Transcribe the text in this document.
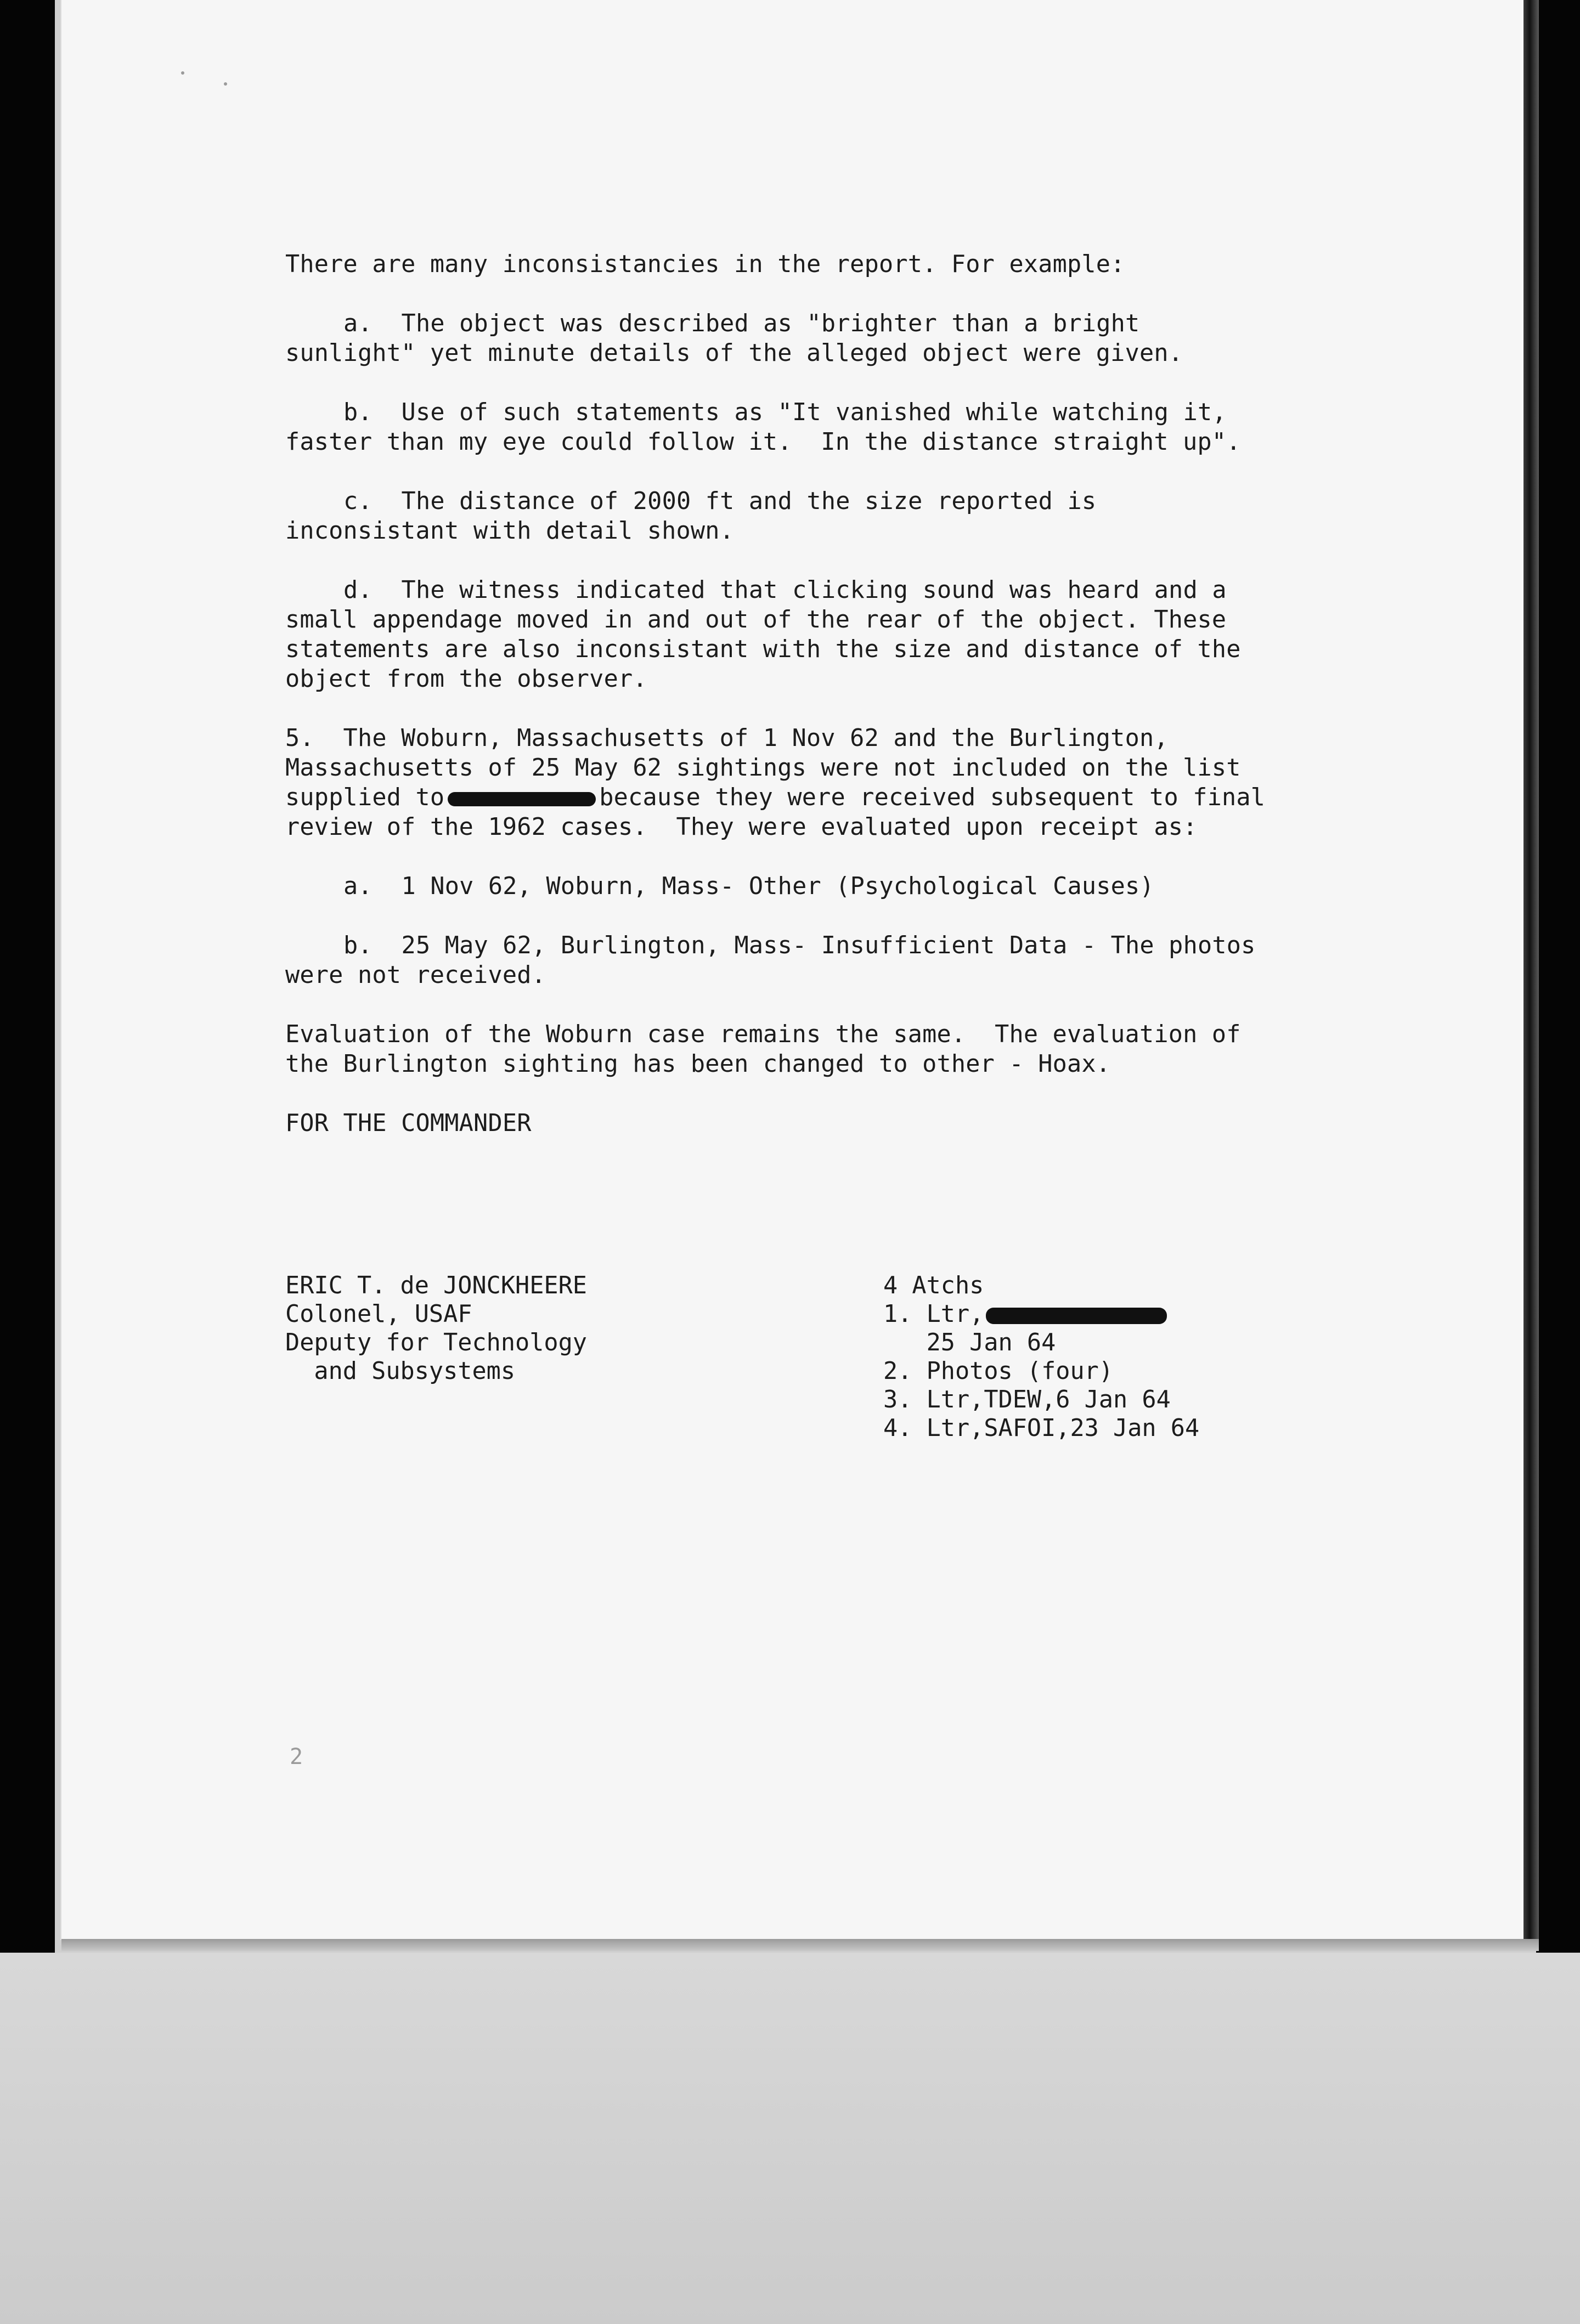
There are many inconsistancies in the report. For example:

a.  The object was described as "brighter than a bright sunlight" yet minute details of the alleged object were given.

b.  Use of such statements as "It vanished while watching it, faster than my eye could follow it.  In the distance straight up".

c.  The distance of 2000 ft and the size reported is inconsistant with detail shown.

d.  The witness indicated that clicking sound was heard and a small appendage moved in and out of the rear of the object. These statements are also inconsistant with the size and distance of the object from the observer.

5.  The Woburn, Massachusetts of 1 Nov 62 and the Burlington, Massachusetts of 25 May 62 sightings were not included on the list supplied to	because they were received subsequent to final review of the 1962 cases.  They were evaluated upon receipt as:

a.  1 Nov 62, Woburn, Mass- Other (Psychological Causes)

b.  25 May 62, Burlington, Mass- Insufficient Data - The photos were not received.

Evaluation of the Woburn case remains the same.  The evaluation of the Burlington sighting has been changed to other - Hoax.

FOR THE COMMANDER

ERIC T. de JONCKHEERE
Colonel, USAF
Deputy for Technology
and Subsystems
4 Atchs
1. Ltr,
25 Jan 64
2. Photos (four)
3. Ltr,TDEW,6 Jan 64
4. Ltr,SAFOI,23 Jan 64
2
